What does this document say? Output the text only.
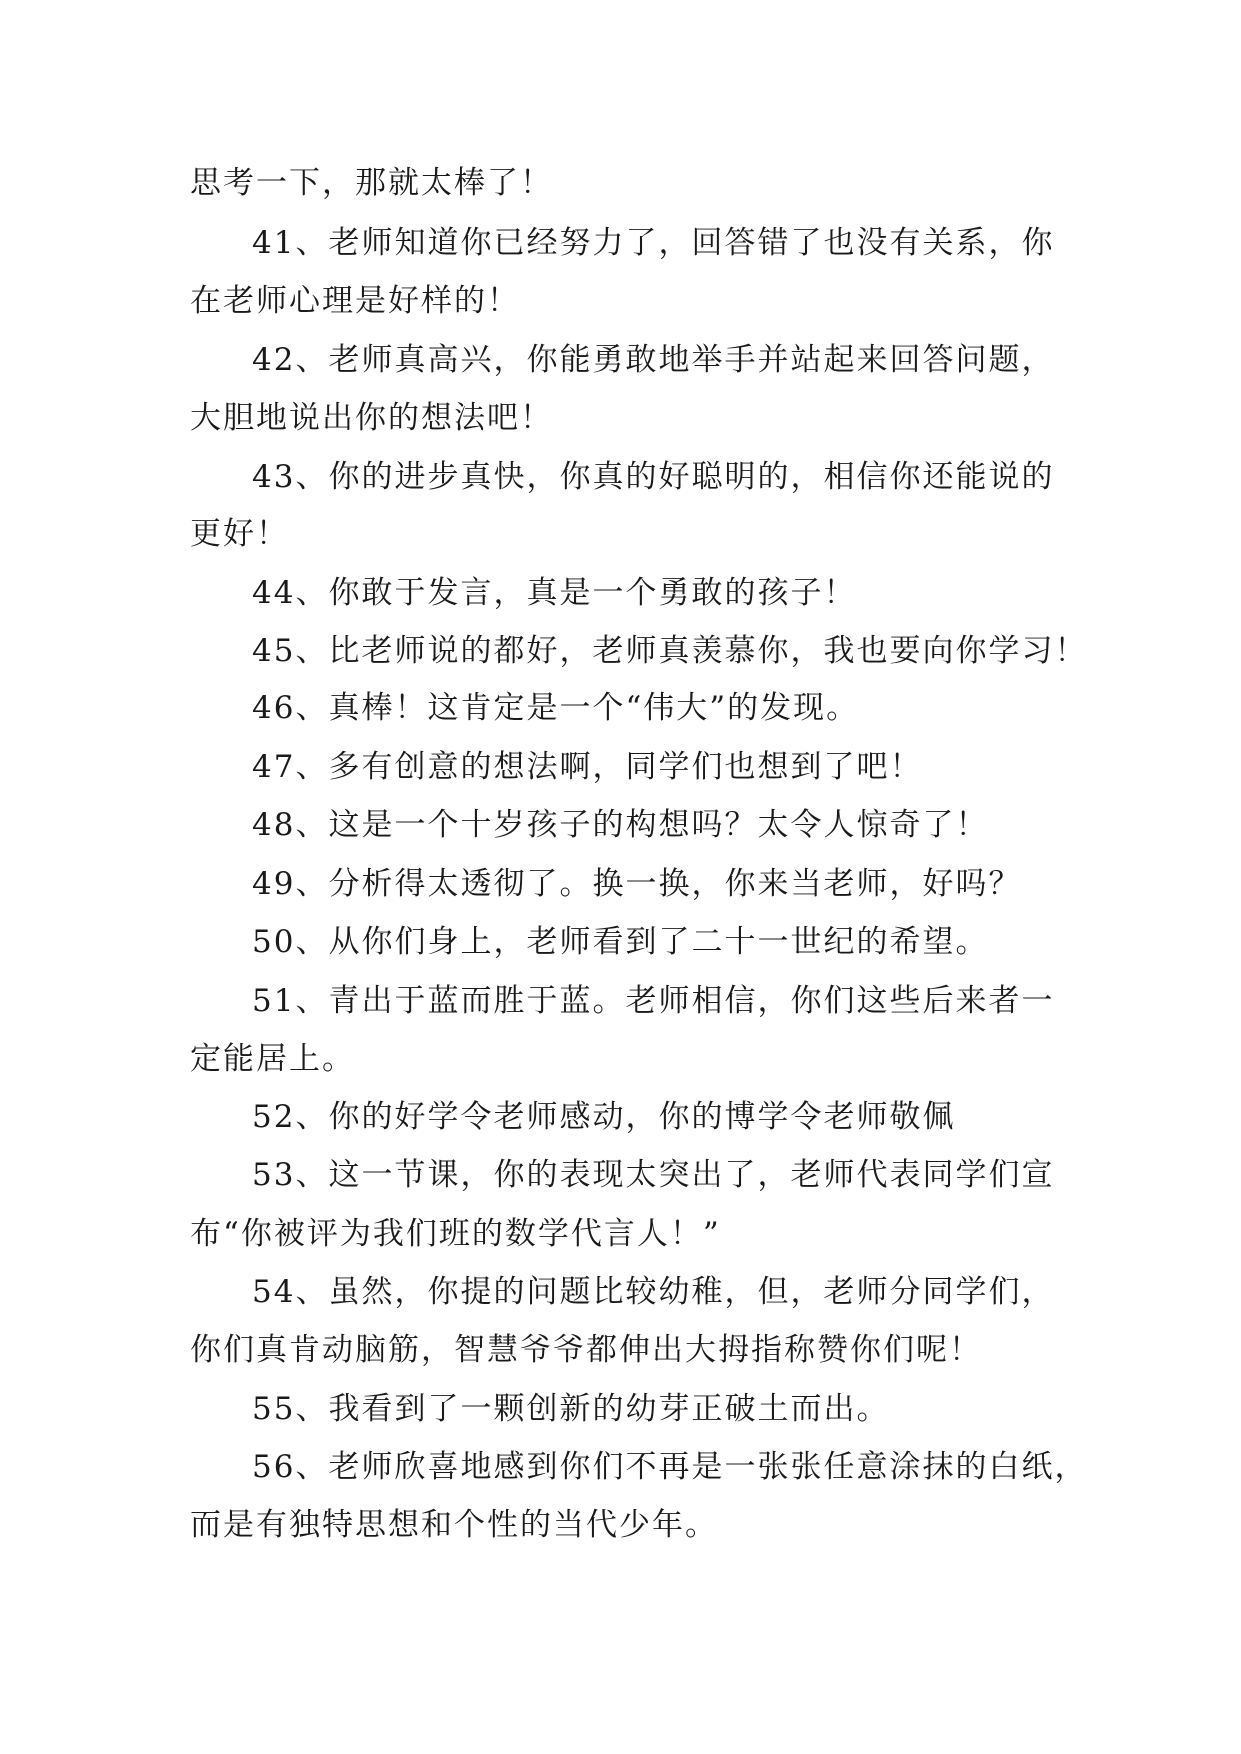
思考一下，那就太棒了！
41、老师知道你已经努力了，回答错了也没有关系，你
在老师心理是好样的！
42、老师真高兴，你能勇敢地举手并站起来回答问题，
大胆地说出你的想法吧！
43、你的进步真快，你真的好聪明的，相信你还能说的
更好！
44、你敢于发言，真是一个勇敢的孩子！
45、比老师说的都好，老师真羡慕你，我也要向你学习！
46、真棒！这肯定是一个“伟大”的发现。
47、多有创意的想法啊，同学们也想到了吧！
48、这是一个十岁孩子的构想吗？太令人惊奇了！
49、分析得太透彻了。换一换，你来当老师，好吗？
50、从你们身上，老师看到了二十一世纪的希望。
51、青出于蓝而胜于蓝。老师相信，你们这些后来者一
定能居上。
52、你的好学令老师感动，你的博学令老师敬佩
53、这一节课，你的表现太突出了，老师代表同学们宣
布“你被评为我们班的数学代言人！”
54、虽然，你提的问题比较幼稚，但，老师分同学们，
你们真肯动脑筋，智慧爷爷都伸出大拇指称赞你们呢！
55、我看到了一颗创新的幼芽正破土而出。
56、老师欣喜地感到你们不再是一张张任意涂抹的白纸，
而是有独特思想和个性的当代少年。
